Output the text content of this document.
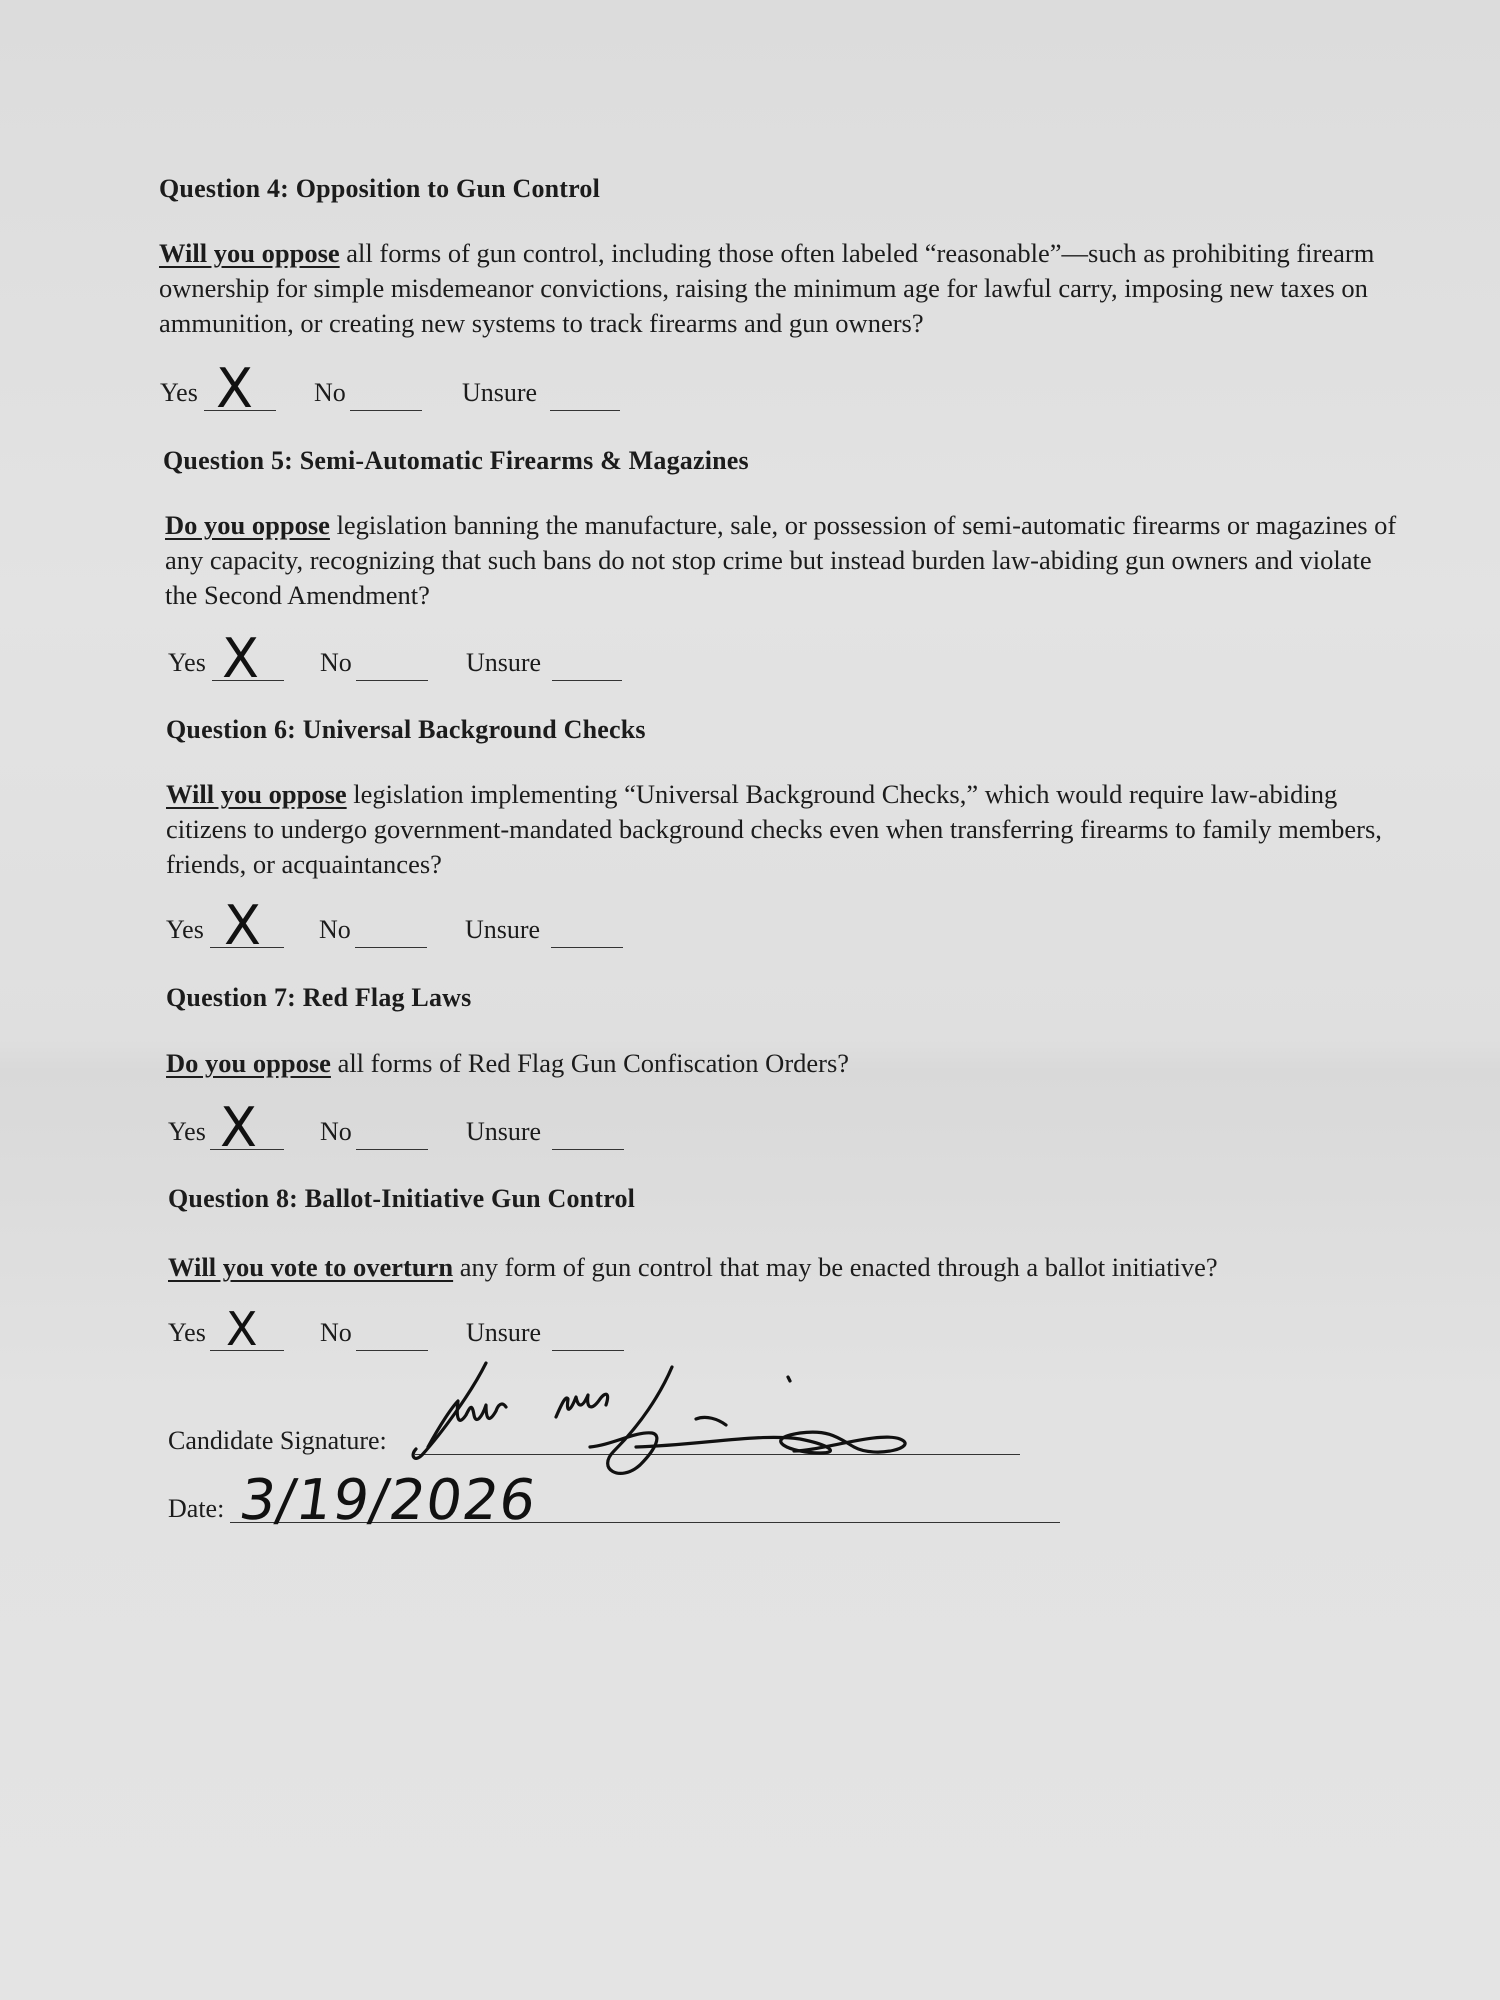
Question 4: Opposition to Gun Control

Will you oppose all forms of gun control, including those often labeled “reasonable”—such as prohibiting firearm ownership for simple misdemeanor convictions, raising the minimum age for lawful carry, imposing new taxes on ammunition, or creating new systems to track firearms and gun owners?

Yes X No	Unsure
Question 5: Semi-Automatic Firearms & Magazines

Do you oppose legislation banning the manufacture, sale, or possession of semi-automatic firearms or magazines of any capacity, recognizing that such bans do not stop crime but instead burden law-abiding gun owners and violate the Second Amendment?

Yes X No	Unsure
Question 6: Universal Background Checks

Will you oppose legislation implementing “Universal Background Checks,” which would require law-abiding citizens to undergo government-mandated background checks even when transferring firearms to family members, friends, or acquaintances?

Yes X No	Unsure
Question 7: Red Flag Laws

Do you oppose all forms of Red Flag Gun Confiscation Orders?

Yes X No	Unsure
Question 8: Ballot-Initiative Gun Control

Will you vote to overturn any form of gun control that may be enacted through a ballot initiative?

Yes X No	Unsure
Candidate Signature:
Date: 3/19/2026
